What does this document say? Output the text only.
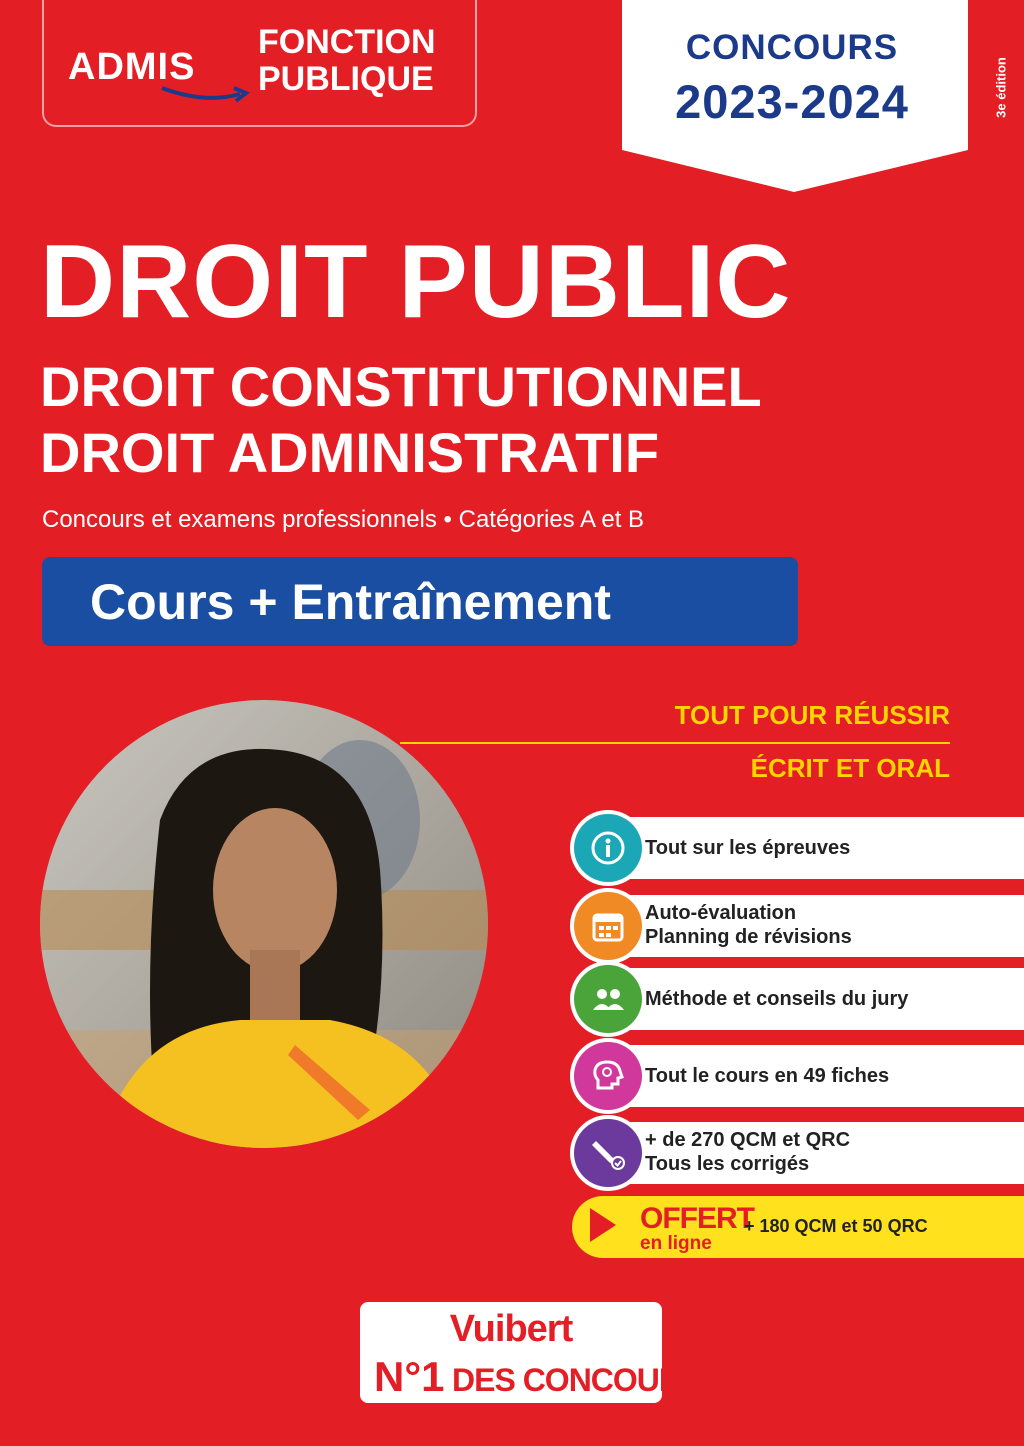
ADMIS
FONCTION
PUBLIQUE
CONCOURS
2023-2024	3e édition
DROIT PUBLIC
DROIT CONSTITUTIONNEL
DROIT ADMINISTRATIF
Concours et examens professionnels • Catégories A et B
Cours + Entraînement
TOUT POUR RÉUSSIR
ÉCRIT ET ORAL
Tout sur les épreuves
Auto-évaluation
Planning de révisions
Méthode et conseils du jury
Tout le cours en 49 fiches
+ de 270 QCM et QRC
Tous les corrigés
OFFERT
en ligne
+ 180 QCM et 50 QRC
Vuibert
N°1 DES CONCOURS
